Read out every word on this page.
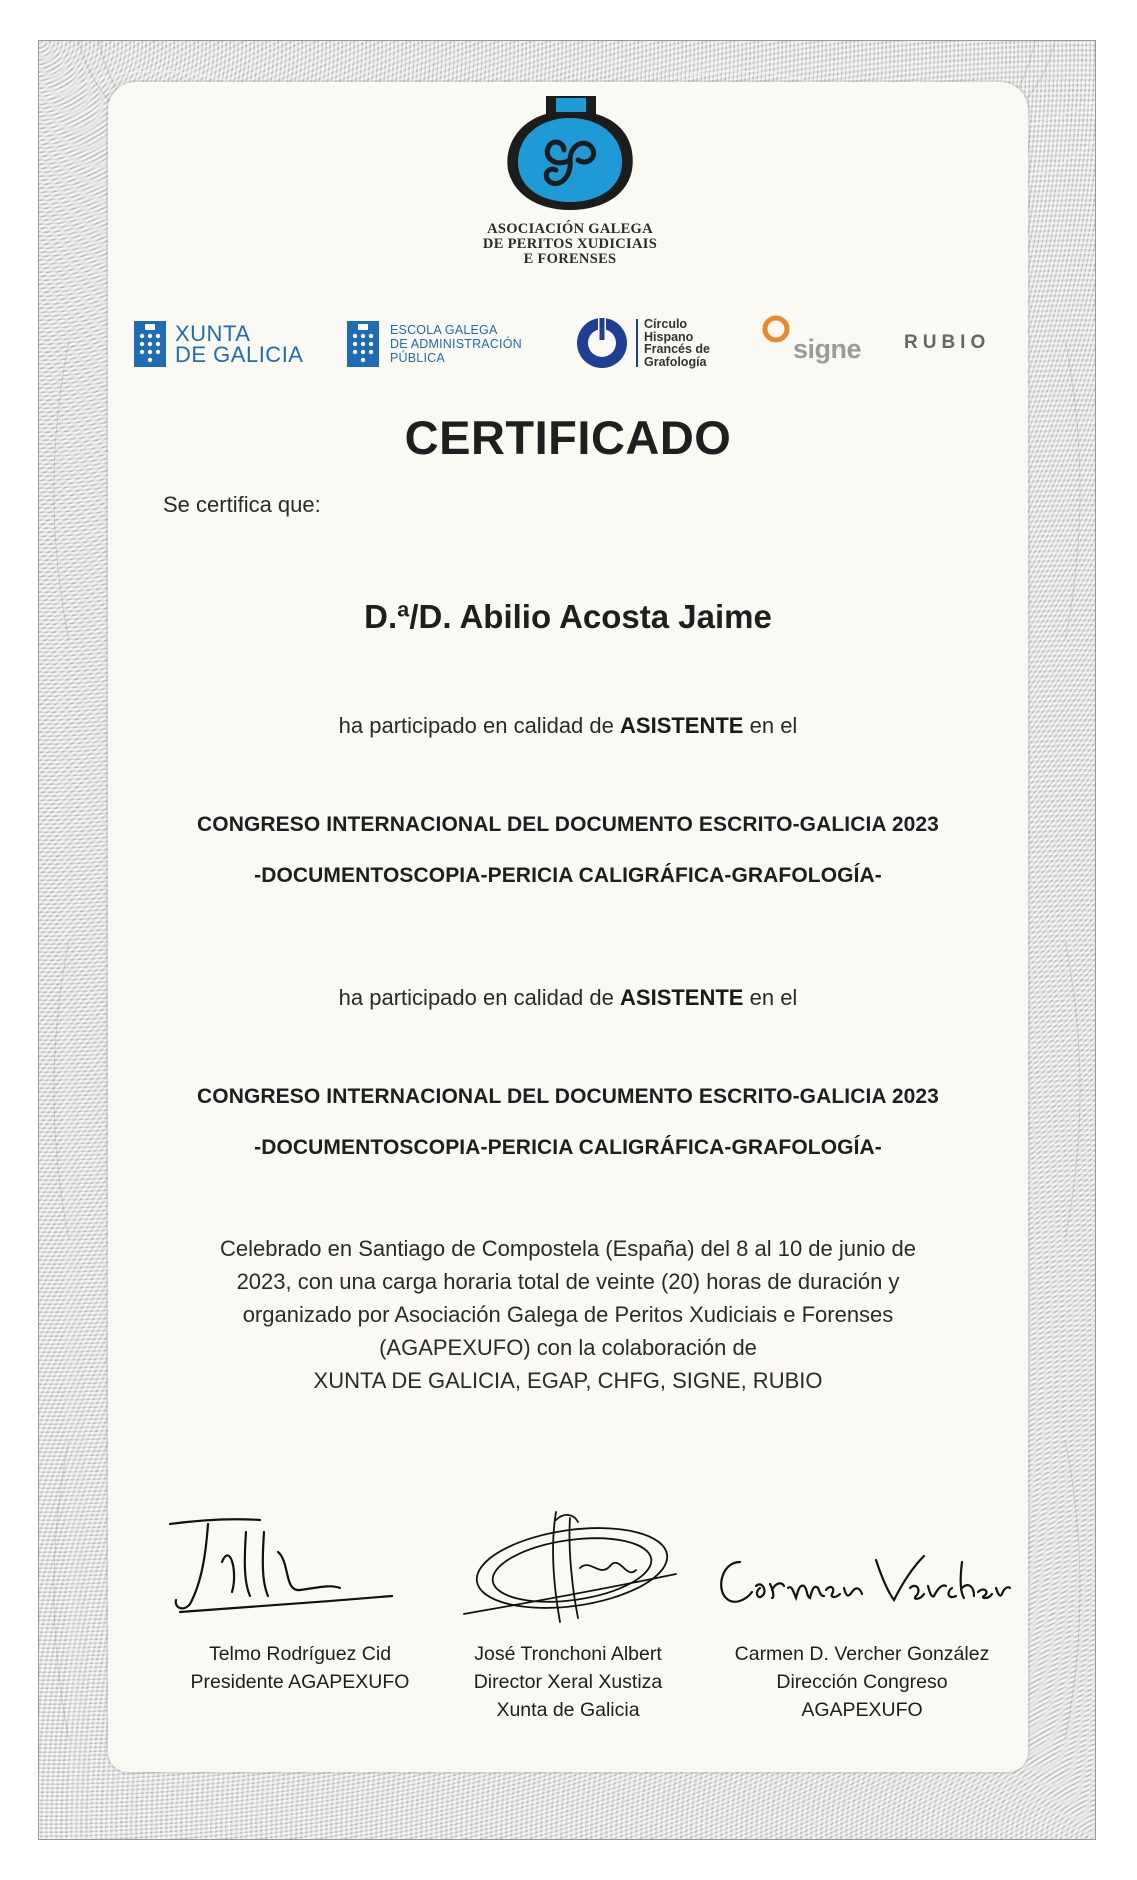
ASOCIACIÓN GALEGA
DE PERITOS XUDICIAIS
E FORENSES
XUNTA
DE GALICIA
ESCOLA GALEGA
DE ADMINISTRACIÓN
PÚBLICA
Círculo
Hispano
Francés de
Grafología	signe RUBIO
CERTIFICADO
Se certifica que:
D.ª/D. Abilio Acosta Jaime
ha participado en calidad de ASISTENTE en el
CONGRESO INTERNACIONAL DEL DOCUMENTO ESCRITO-GALICIA 2023
-DOCUMENTOSCOPIA-PERICIA CALIGRÁFICA-GRAFOLOGÍA-
ha participado en calidad de ASISTENTE en el
CONGRESO INTERNACIONAL DEL DOCUMENTO ESCRITO-GALICIA 2023
-DOCUMENTOSCOPIA-PERICIA CALIGRÁFICA-GRAFOLOGÍA-
Celebrado en Santiago de Compostela (España) del 8 al 10 de junio de
2023, con una carga horaria total de veinte (20) horas de duración y
organizado por Asociación Galega de Peritos Xudiciais e Forenses
(AGAPEXUFO) con la colaboración de
XUNTA DE GALICIA, EGAP, CHFG, SIGNE, RUBIO
Telmo Rodríguez Cid
Presidente AGAPEXUFO
José Tronchoni Albert
Director Xeral Xustiza
Xunta de Galicia
Carmen D. Vercher González
Dirección Congreso
AGAPEXUFO
